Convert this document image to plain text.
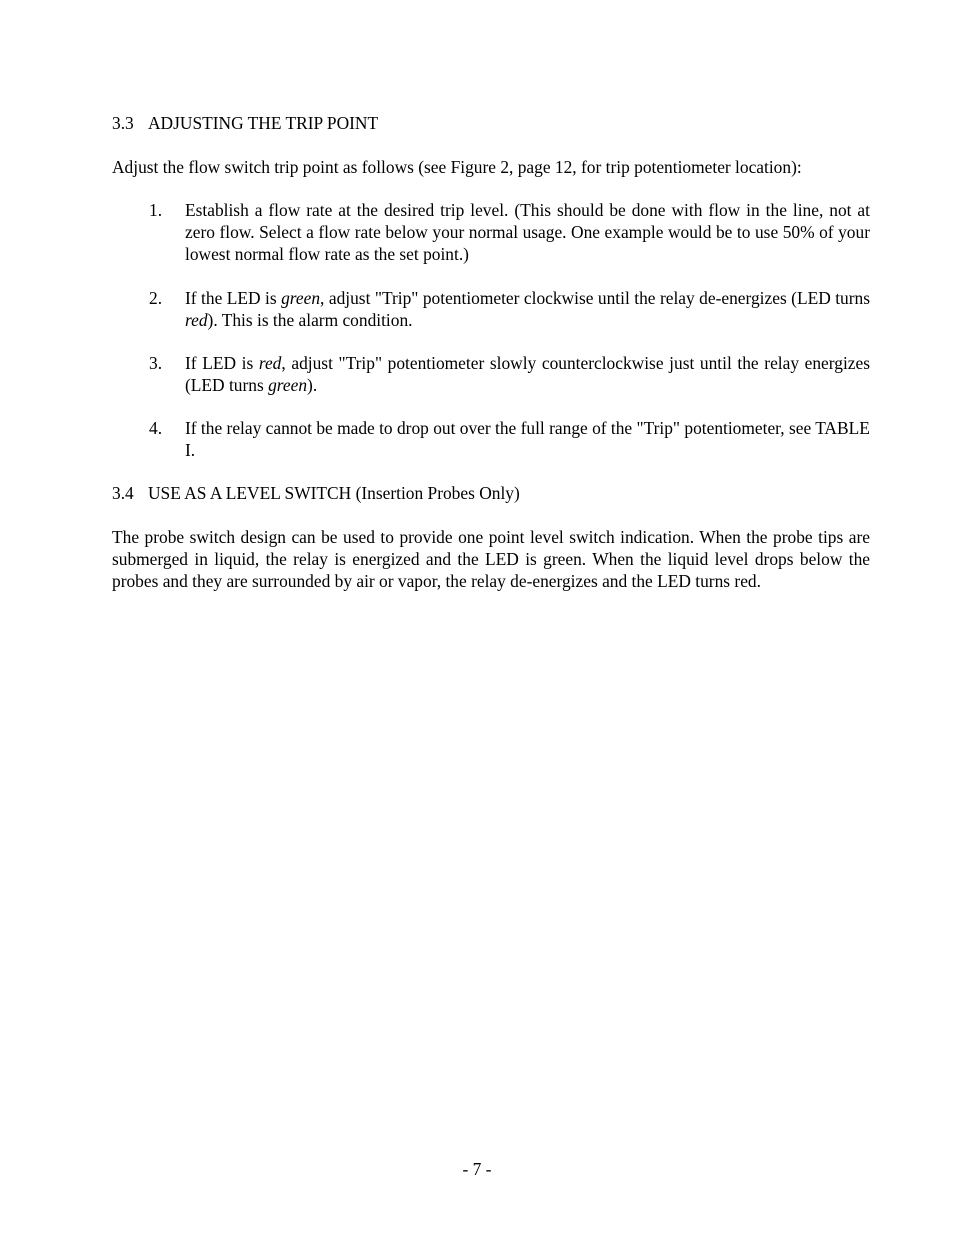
3.3 ADJUSTING THE TRIP POINT
Adjust the flow switch trip point as follows (see Figure 2, page 12, for trip potentiometer location):
1. Establish a flow rate at the desired trip level. (This should be done with flow in the line, not at zero flow. Select a flow rate below your normal usage. One example would be to use 50% of your lowest normal flow rate as the set point.)
2. If the LED is green, adjust "Trip" potentiometer clockwise until the relay de-energizes (LED turns red). This is the alarm condition.
3. If LED is red, adjust "Trip" potentiometer slowly counterclockwise just until the relay energizes (LED turns green).
4. If the relay cannot be made to drop out over the full range of the "Trip" potentiometer, see TABLE I.
3.4 USE AS A LEVEL SWITCH (Insertion Probes Only)
The probe switch design can be used to provide one point level switch indication. When the probe tips are submerged in liquid, the relay is energized and the LED is green. When the liquid level drops below the probes and they are surrounded by air or vapor, the relay de-energizes and the LED turns red.
- 7 -
